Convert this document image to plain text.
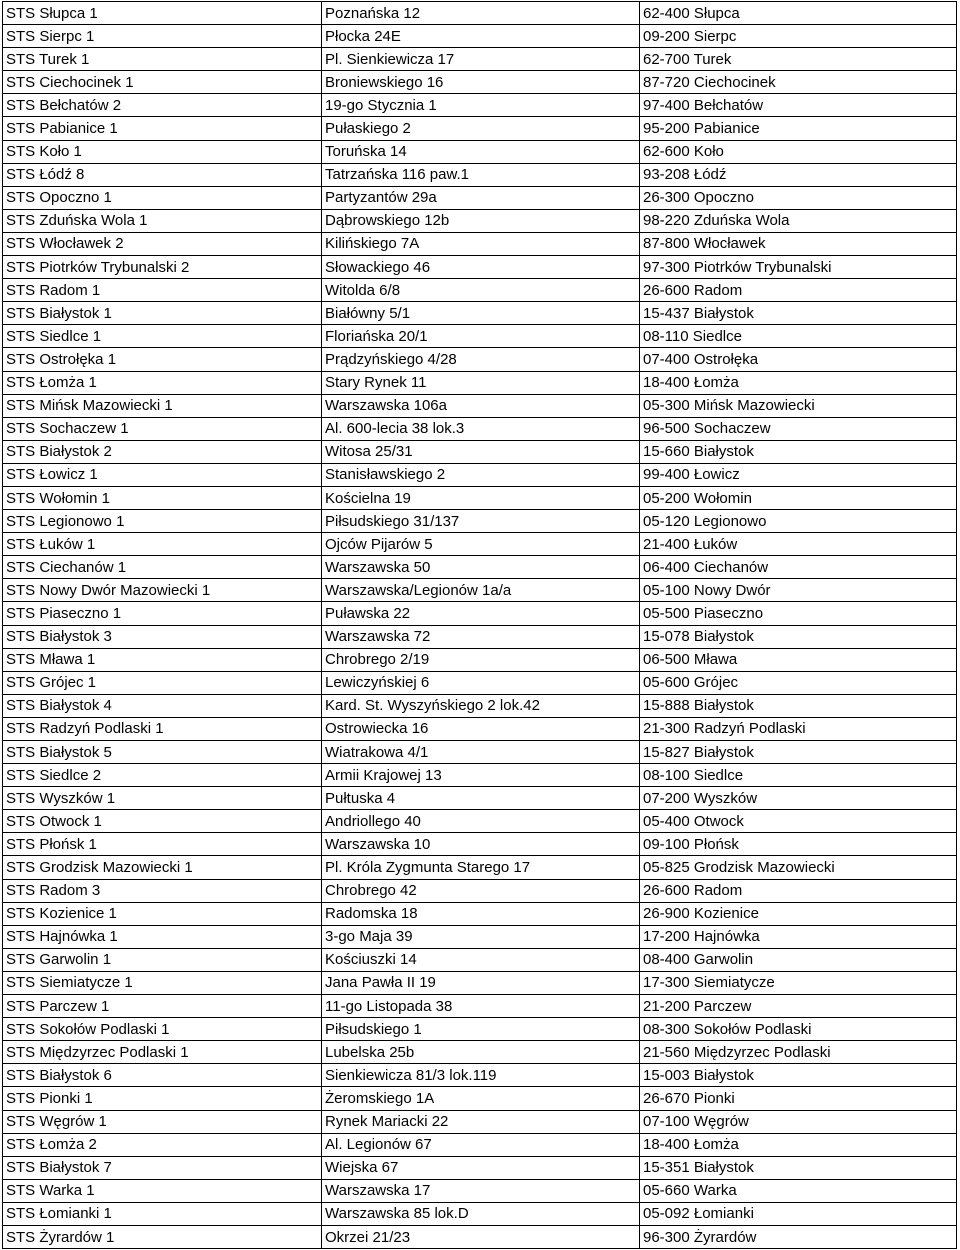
STS Słupca 1	Poznańska 12	62-400 Słupca
STS Sierpc 1	Płocka 24E	09-200 Sierpc
STS Turek 1	Pl. Sienkiewicza 17	62-700 Turek
STS Ciechocinek 1	Broniewskiego 16	87-720 Ciechocinek
STS Bełchatów 2	19-go Stycznia 1	97-400 Bełchatów
STS Pabianice 1	Pułaskiego 2	95-200 Pabianice
STS Koło 1	Toruńska 14	62-600 Koło
STS Łódź 8	Tatrzańska 116 paw.1	93-208 Łódź
STS Opoczno 1	Partyzantów 29a	26-300 Opoczno
STS Zduńska Wola 1	Dąbrowskiego 12b	98-220 Zduńska Wola
STS Włocławek 2	Kilińskiego 7A	87-800 Włocławek
STS Piotrków Trybunalski 2	Słowackiego 46	97-300 Piotrków Trybunalski
STS Radom 1	Witolda 6/8	26-600 Radom
STS Białystok 1	Białówny 5/1	15-437 Białystok
STS Siedlce 1	Floriańska 20/1	08-110 Siedlce
STS Ostrołęka 1	Prądzyńskiego 4/28	07-400 Ostrołęka
STS Łomża 1	Stary Rynek 11	18-400 Łomża
STS Mińsk Mazowiecki 1	Warszawska 106a	05-300 Mińsk Mazowiecki
STS Sochaczew 1	Al. 600-lecia 38 lok.3	96-500 Sochaczew
STS Białystok 2	Witosa 25/31	15-660 Białystok
STS Łowicz 1	Stanisławskiego 2	99-400 Łowicz
STS Wołomin 1	Kościelna 19	05-200 Wołomin
STS Legionowo 1	Piłsudskiego 31/137	05-120 Legionowo
STS Łuków 1	Ojców Pijarów 5	21-400 Łuków
STS Ciechanów 1	Warszawska 50	06-400 Ciechanów
STS Nowy Dwór Mazowiecki 1	Warszawska/Legionów 1a/a	05-100 Nowy Dwór
STS Piaseczno 1	Puławska 22	05-500 Piaseczno
STS Białystok 3	Warszawska 72	15-078 Białystok
STS Mława 1	Chrobrego 2/19	06-500 Mława
STS Grójec 1	Lewiczyńskiej 6	05-600 Grójec
STS Białystok 4	Kard. St. Wyszyńskiego 2 lok.42	15-888 Białystok
STS Radzyń Podlaski 1	Ostrowiecka 16	21-300 Radzyń Podlaski
STS Białystok 5	Wiatrakowa 4/1	15-827 Białystok
STS Siedlce 2	Armii Krajowej 13	08-100 Siedlce
STS Wyszków 1	Pułtuska 4	07-200 Wyszków
STS Otwock 1	Andriollego 40	05-400 Otwock
STS Płońsk 1	Warszawska 10	09-100 Płońsk
STS Grodzisk Mazowiecki 1	Pl. Króla Zygmunta Starego 17	05-825 Grodzisk Mazowiecki
STS Radom 3	Chrobrego 42	26-600 Radom
STS Kozienice 1	Radomska 18	26-900 Kozienice
STS Hajnówka 1	3-go Maja 39	17-200 Hajnówka
STS Garwolin 1	Kościuszki 14	08-400 Garwolin
STS Siemiatycze 1	Jana Pawła II 19	17-300 Siemiatycze
STS Parczew 1	11-go Listopada 38	21-200 Parczew
STS Sokołów Podlaski 1	Piłsudskiego 1	08-300 Sokołów Podlaski
STS Międzyrzec Podlaski 1	Lubelska 25b	21-560 Międzyrzec Podlaski
STS Białystok 6	Sienkiewicza 81/3 lok.119	15-003 Białystok
STS Pionki 1	Żeromskiego 1A	26-670 Pionki
STS Węgrów 1	Rynek Mariacki 22	07-100 Węgrów
STS Łomża 2	Al. Legionów 67	18-400 Łomża
STS Białystok 7	Wiejska 67	15-351 Białystok
STS Warka 1	Warszawska 17	05-660 Warka
STS Łomianki 1	Warszawska 85 lok.D	05-092 Łomianki
STS Żyrardów 1	Okrzei 21/23	96-300 Żyrardów
